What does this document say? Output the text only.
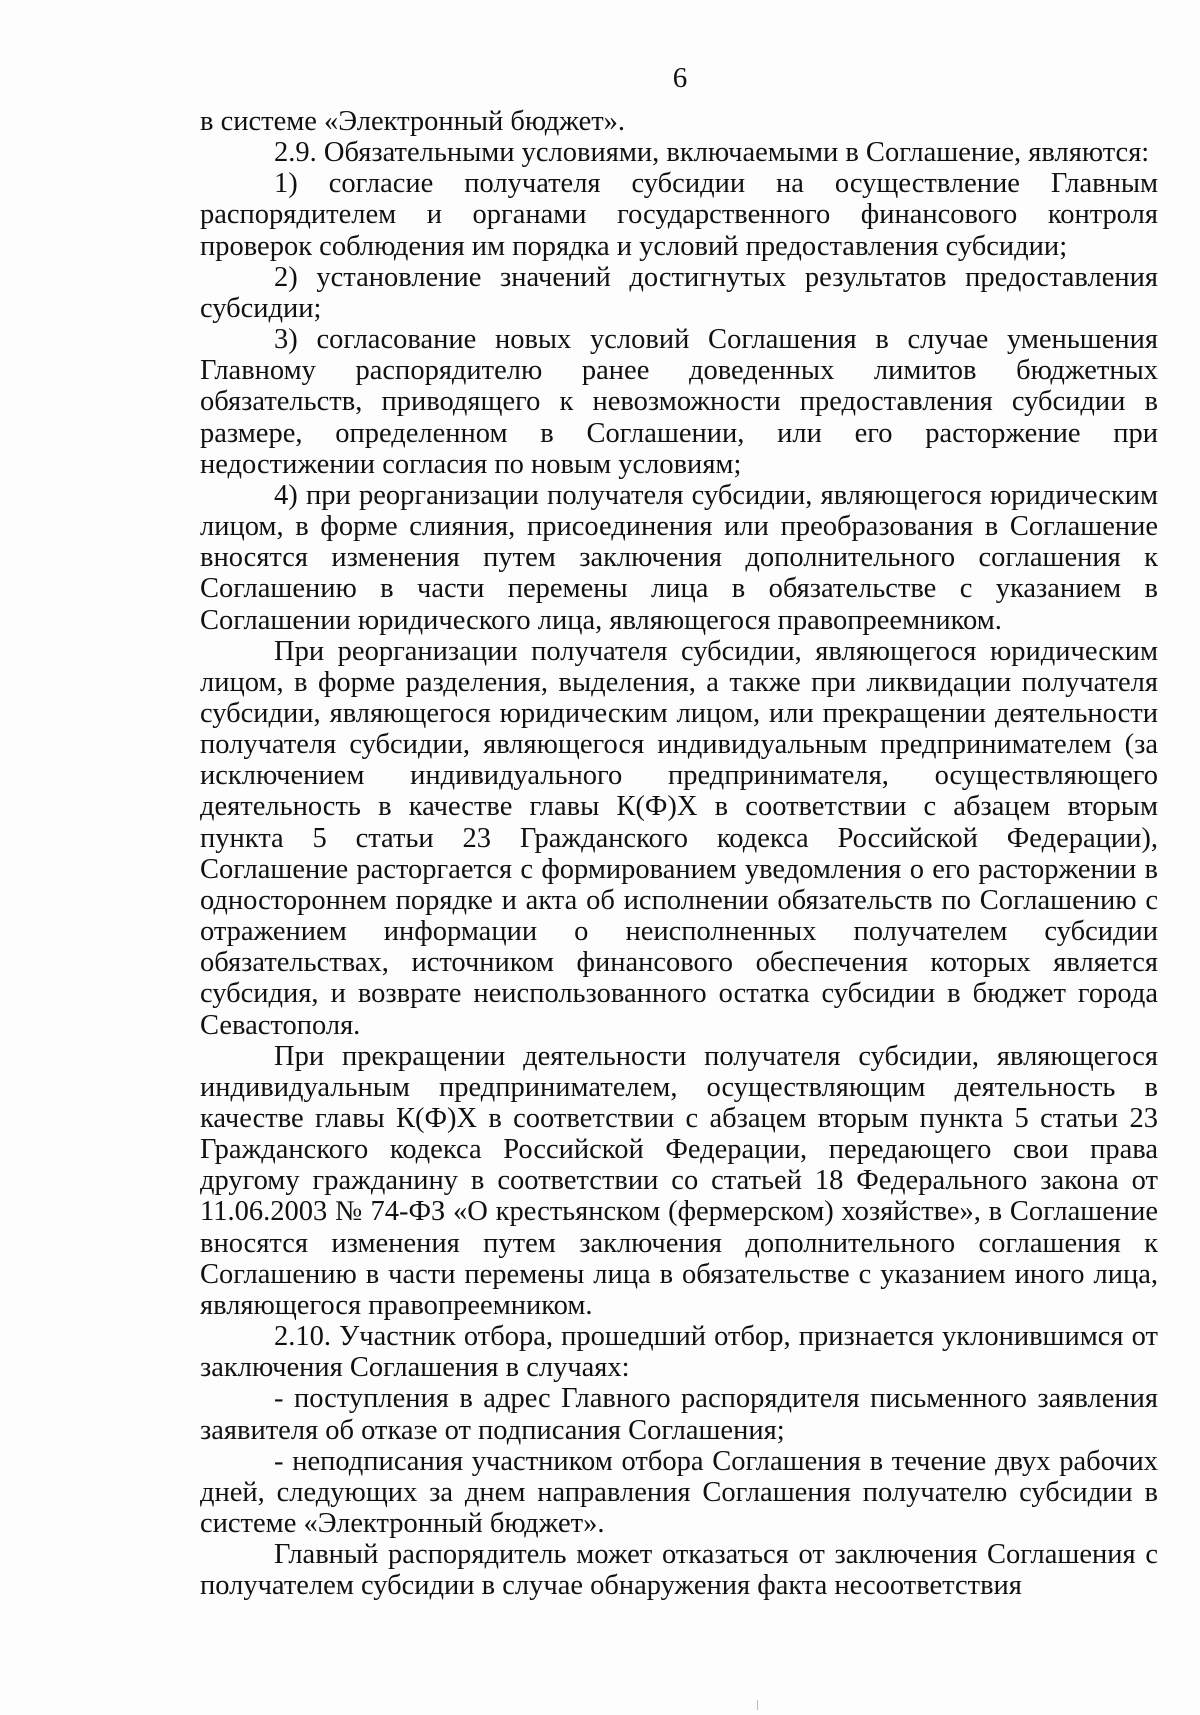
6

в системе «Электронный бюджет».

2.9. Обязательными условиями, включаемыми в Соглашение, являются:

1) согласие получателя субсидии на осуществление Главным распорядителем и органами государственного финансового контроля проверок соблюдения им порядка и условий предоставления субсидии;

2) установление значений достигнутых результатов предоставления субсидии;

3) согласование новых условий Соглашения в случае уменьшения Главному распорядителю ранее доведенных лимитов бюджетных обязательств, приводящего к невозможности предоставления субсидии в размере, определенном в Соглашении, или его расторжение при недостижении согласия по новым условиям;

4) при реорганизации получателя субсидии, являющегося юридическим лицом, в форме слияния, присоединения или преобразования в Соглашение вносятся изменения путем заключения дополнительного соглашения к Соглашению в части перемены лица в обязательстве с указанием в Соглашении юридического лица, являющегося правопреемником.

При реорганизации получателя субсидии, являющегося юридическим лицом, в форме разделения, выделения, а также при ликвидации получателя субсидии, являющегося юридическим лицом, или прекращении деятельности получателя субсидии, являющегося индивидуальным предпринимателем (за исключением индивидуального предпринимателя, осуществляющего деятельность в качестве главы К(Ф)Х в соответствии с абзацем вторым пункта 5 статьи 23 Гражданского кодекса Российской Федерации), Соглашение расторгается с формированием уведомления о его расторжении в одностороннем порядке и акта об исполнении обязательств по Соглашению с отражением информации о неисполненных получателем субсидии обязательствах, источником финансового обеспечения которых является субсидия, и возврате неиспользованного остатка субсидии в бюджет города Севастополя.

При прекращении деятельности получателя субсидии, являющегося индивидуальным предпринимателем, осуществляющим деятельность в качестве главы К(Ф)Х в соответствии с абзацем вторым пункта 5 статьи 23 Гражданского кодекса Российской Федерации, передающего свои права другому гражданину в соответствии со статьей 18 Федерального закона от 11.06.2003 № 74-ФЗ «О крестьянском (фермерском) хозяйстве», в Соглашение вносятся изменения путем заключения дополнительного соглашения к Соглашению в части перемены лица в обязательстве с указанием иного лица, являющегося правопреемником.

2.10. Участник отбора, прошедший отбор, признается уклонившимся от заключения Соглашения в случаях:

- поступления в адрес Главного распорядителя письменного заявления заявителя об отказе от подписания Соглашения;

- неподписания участником отбора Соглашения в течение двух рабочих дней, следующих за днем направления Соглашения получателю субсидии в системе «Электронный бюджет».

Главный распорядитель может отказаться от заключения Соглашения с получателем субсидии в случае обнаружения факта несоответствия
